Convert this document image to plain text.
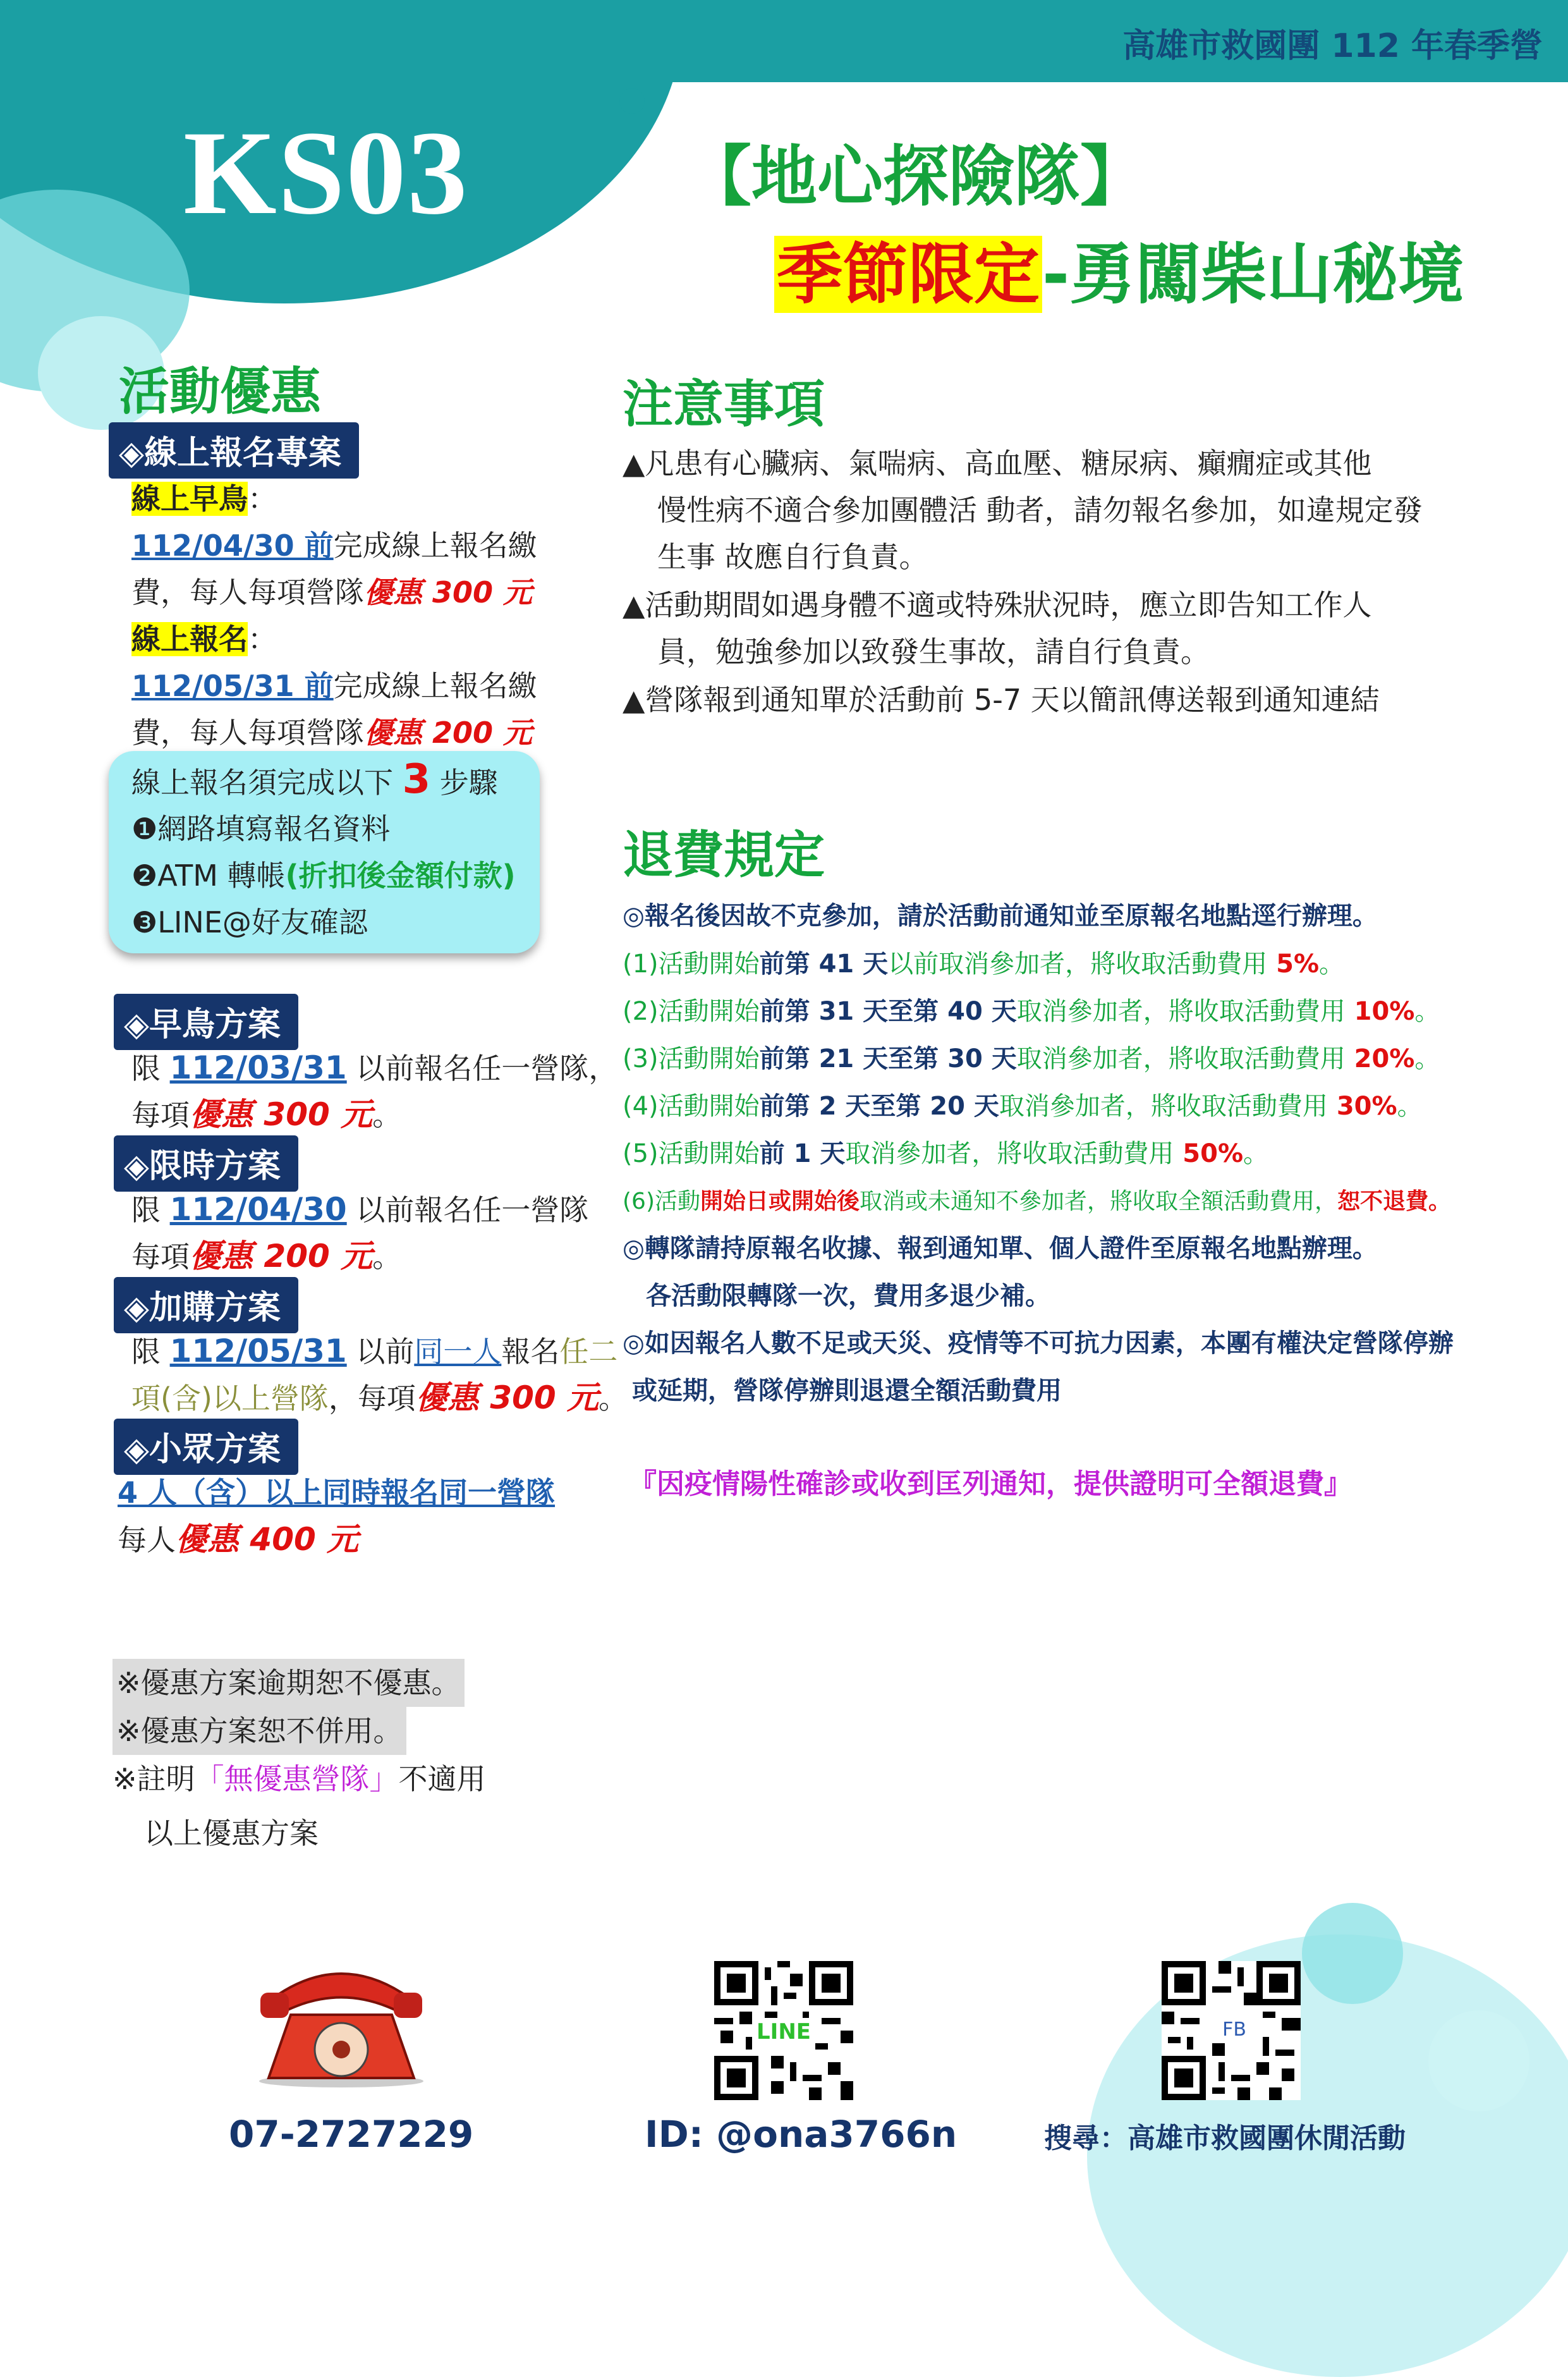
高雄市救國團 112 年春季營
KS03	【地心探險隊】
季節限定-勇闖柴山秘境
活動優惠
◈線上報名專案
線上早鳥：
112/04/30 前完成線上報名繳
費，每人每項營隊優惠 300 元
線上報名：
112/05/31 前完成線上報名繳
費，每人每項營隊優惠 200 元
線上報名須完成以下 3 步驟
❶網路填寫報名資料
❷ATM 轉帳(折扣後金額付款)
❸LINE@好友確認
◈早鳥方案
限 112/03/31 以前報名任一營隊，
每項優惠 300 元。
◈限時方案
限 112/04/30 以前報名任一營隊
每項優惠 200 元。
◈加購方案
限 112/05/31 以前同一人報名任二
項(含)以上營隊，每項優惠 300 元。
◈小眾方案
4 人（含）以上同時報名同一營隊
每人優惠 400 元
※優惠方案逾期恕不優惠。
※優惠方案恕不併用。
※註明「無優惠營隊」不適用
以上優惠方案
注意事項
▲凡患有心臟病、氣喘病、高血壓、糖尿病、癲癇症或其他
慢性病不適合參加團體活 動者，請勿報名參加，如違規定發
生事 故應自行負責。
▲活動期間如遇身體不適或特殊狀況時，應立即告知工作人
員，勉強參加以致發生事故，請自行負責。
▲營隊報到通知單於活動前 5-7 天以簡訊傳送報到通知連結
退費規定
◎報名後因故不克參加，請於活動前通知並至原報名地點逕行辦理。
(1)活動開始前第 41 天以前取消參加者，將收取活動費用 5%。
(2)活動開始前第 31 天至第 40 天取消參加者，將收取活動費用 10%。
(3)活動開始前第 21 天至第 30 天取消參加者，將收取活動費用 20%。
(4)活動開始前第 2 天至第 20 天取消參加者，將收取活動費用 30%。
(5)活動開始前 1 天取消參加者，將收取活動費用 50%。
(6)活動開始日或開始後取消或未通知不參加者，將收取全額活動費用，恕不退費。
◎轉隊請持原報名收據、報到通知單、個人證件至原報名地點辦理。
各活動限轉隊一次，費用多退少補。
◎如因報名人數不足或天災、疫情等不可抗力因素，本團有權決定營隊停辦
或延期，營隊停辦則退還全額活動費用
『因疫情陽性確診或收到匡列通知，提供證明可全額退費』
07-2727229
LINE
ID: @ona3766n
FB
搜尋：高雄市救國團休閒活動
